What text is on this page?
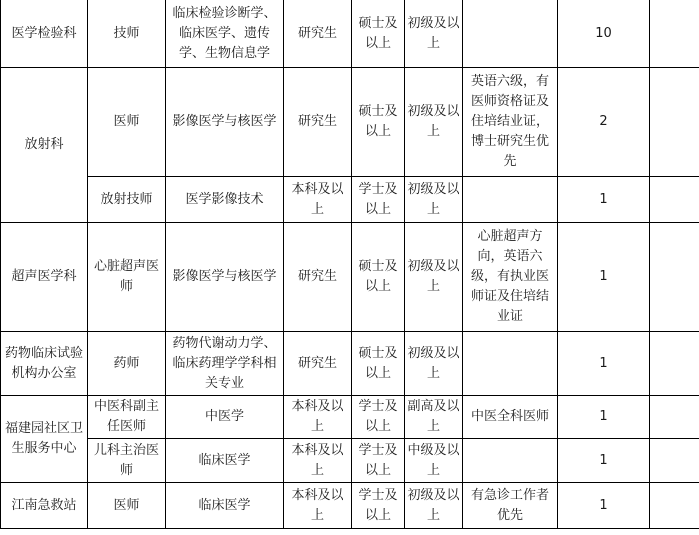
医学检验科	技师	临床检验诊断学、临床医学、遗传学、生物信息学	研究生	硕士及以上	初级及以上		10	
放射科	医师	影像医学与核医学	研究生	硕士及以上	初级及以上	英语六级，有医师资格证及住培结业证，博士研究生优先	2	
	放射技师	医学影像技术	本科及以上	学士及以上	初级及以上		1	
超声医学科	心脏超声医师	影像医学与核医学	研究生	硕士及以上	初级及以上	心脏超声方向，英语六级，有执业医师证及住培结业证	1	
药物临床试验机构办公室	药师	药物代谢动力学、临床药理学学科相关专业	研究生	硕士及以上	初级及以上		1	
福建园社区卫生服务中心	中医科副主任医师	中医学	本科及以上	学士及以上	副高及以上	中医全科医师	1	
	儿科主治医师	临床医学	本科及以上	学士及以上	中级及以上		1	
江南急救站	医师	临床医学	本科及以上	学士及以上	初级及以上	有急诊工作者优先	1	
